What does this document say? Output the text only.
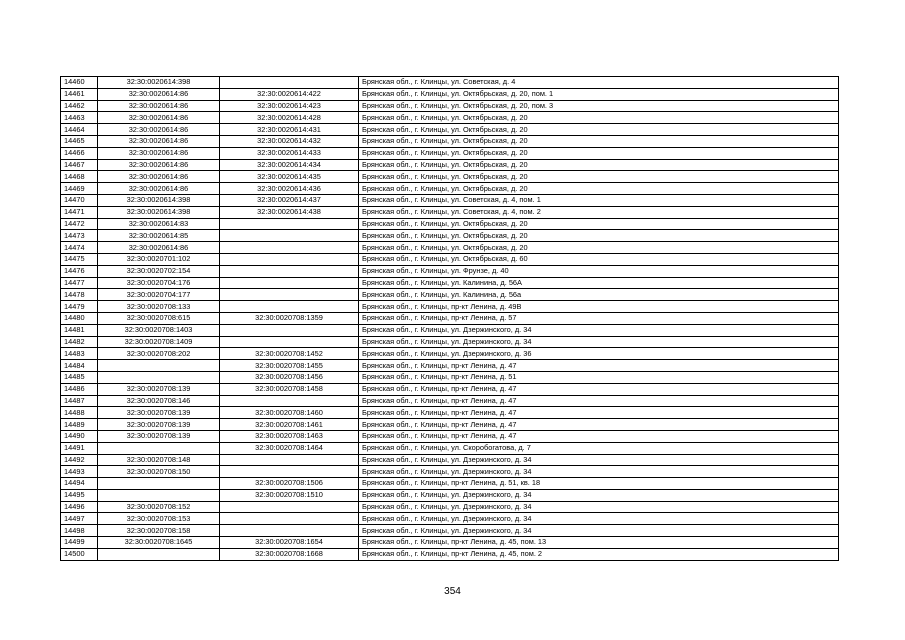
14460	32:30:0020614:398		Брянская обл., г. Клинцы, ул. Советская, д. 4
14461	32:30:0020614:86	32:30:0020614:422	Брянская обл., г. Клинцы, ул. Октябрьская, д. 20, пом. 1
14462	32:30:0020614:86	32:30:0020614:423	Брянская обл., г. Клинцы, ул. Октябрьская, д. 20, пом. 3
14463	32:30:0020614:86	32:30:0020614:428	Брянская обл., г. Клинцы, ул. Октябрьская, д. 20
14464	32:30:0020614:86	32:30:0020614:431	Брянская обл., г. Клинцы, ул. Октябрьская, д. 20
14465	32:30:0020614:86	32:30:0020614:432	Брянская обл., г. Клинцы, ул. Октябрьская, д. 20
14466	32:30:0020614:86	32:30:0020614:433	Брянская обл., г. Клинцы, ул. Октябрьская, д. 20
14467	32:30:0020614:86	32:30:0020614:434	Брянская обл., г. Клинцы, ул. Октябрьская, д. 20
14468	32:30:0020614:86	32:30:0020614:435	Брянская обл., г. Клинцы, ул. Октябрьская, д. 20
14469	32:30:0020614:86	32:30:0020614:436	Брянская обл., г. Клинцы, ул. Октябрьская, д. 20
14470	32:30:0020614:398	32:30:0020614:437	Брянская обл., г. Клинцы, ул. Советская, д. 4, пом. 1
14471	32:30:0020614:398	32:30:0020614:438	Брянская обл., г. Клинцы, ул. Советская, д. 4, пом. 2
14472	32:30:0020614:83		Брянская обл., г. Клинцы, ул. Октябрьская, д. 20
14473	32:30:0020614:85		Брянская обл., г. Клинцы, ул. Октябрьская, д. 20
14474	32:30:0020614:86		Брянская обл., г. Клинцы, ул. Октябрьская, д. 20
14475	32:30:0020701:102		Брянская обл., г. Клинцы, ул. Октябрьская, д. 60
14476	32:30:0020702:154		Брянская обл., г. Клинцы, ул. Фрунзе, д. 40
14477	32:30:0020704:176		Брянская обл., г. Клинцы, ул. Калинина, д. 56А
14478	32:30:0020704:177		Брянская обл., г. Клинцы, ул. Калинина, д. 56а
14479	32:30:0020708:133		Брянская обл., г. Клинцы, пр-кт Ленина, д. 49В
14480	32:30:0020708:615	32:30:0020708:1359	Брянская обл., г. Клинцы, пр-кт Ленина, д. 57
14481	32:30:0020708:1403		Брянская обл., г. Клинцы, ул. Дзержинского, д. 34
14482	32:30:0020708:1409		Брянская обл., г. Клинцы, ул. Дзержинского, д. 34
14483	32:30:0020708:202	32:30:0020708:1452	Брянская обл., г. Клинцы, ул. Дзержинского, д. 36
14484		32:30:0020708:1455	Брянская обл., г. Клинцы, пр-кт Ленина, д. 47
14485		32:30:0020708:1456	Брянская обл., г. Клинцы, пр-кт Ленина, д. 51
14486	32:30:0020708:139	32:30:0020708:1458	Брянская обл., г. Клинцы, пр-кт Ленина, д. 47
14487	32:30:0020708:146		Брянская обл., г. Клинцы, пр-кт Ленина, д. 47
14488	32:30:0020708:139	32:30:0020708:1460	Брянская обл., г. Клинцы, пр-кт Ленина, д. 47
14489	32:30:0020708:139	32:30:0020708:1461	Брянская обл., г. Клинцы, пр-кт Ленина, д. 47
14490	32:30:0020708:139	32:30:0020708:1463	Брянская обл., г. Клинцы, пр-кт Ленина, д. 47
14491		32:30:0020708:1464	Брянская обл., г. Клинцы, ул. Скоробогатова, д. 7
14492	32:30:0020708:148		Брянская обл., г. Клинцы, ул. Дзержинского, д. 34
14493	32:30:0020708:150		Брянская обл., г. Клинцы, ул. Дзержинского, д. 34
14494		32:30:0020708:1506	Брянская обл., г. Клинцы, пр-кт Ленина, д. 51, кв. 18
14495		32:30:0020708:1510	Брянская обл., г. Клинцы, ул. Дзержинского, д. 34
14496	32:30:0020708:152		Брянская обл., г. Клинцы, ул. Дзержинского, д. 34
14497	32:30:0020708:153		Брянская обл., г. Клинцы, ул. Дзержинского, д. 34
14498	32:30:0020708:158		Брянская обл., г. Клинцы, ул. Дзержинского, д. 34
14499	32:30:0020708:1645	32:30:0020708:1654	Брянская обл., г. Клинцы, пр-кт Ленина, д. 45, пом. 13
14500		32:30:0020708:1668	Брянская обл., г. Клинцы, пр-кт Ленина, д. 45, пом. 2
354
